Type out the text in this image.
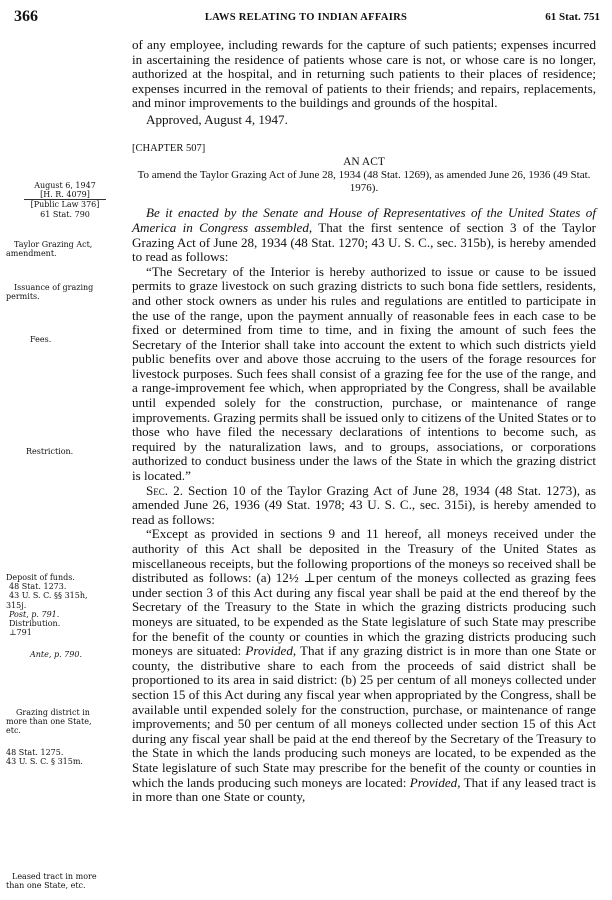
366	LAWS RELATING TO INDIAN AFFAIRS	61 Stat. 751
August 6, 1947
[H. R. 4079]
[Public Law 376]
61 Stat. 790
Taylor Grazing Act,
amendment.
Issuance of grazing
permits.
Fees.
Restriction.
Deposit of funds.
48 Stat. 1273.
43 U. S. C. §§ 315h,
315j.
Post, p. 791.
Distribution.
⊥791
Ante, p. 790.
Grazing district in
more than one State,
etc.
48 Stat. 1275.
43 U. S. C. § 315m.
Leased tract in more
than one State, etc.

of any employee, including rewards for the capture of such patients; expenses incurred in ascertaining the residence of patients whose care is not, or whose care is no longer, authorized at the hospital, and in returning such patients to their places of residence; expenses incurred in the removal of patients to their friends; and repairs, replacements, and minor improvements to the buildings and grounds of the hospital.

Approved, August 4, 1947.

[CHAPTER 507]

AN ACT

To amend the Taylor Grazing Act of June 28, 1934 (48 Stat. 1269), as amended June 26, 1936 (49 Stat. 1976).

Be it enacted by the Senate and House of Representatives of the United States of America in Congress assembled, That the first sentence of section 3 of the Taylor Grazing Act of June 28, 1934 (48 Stat. 1270; 43 U. S. C., sec. 315b), is hereby amended to read as follows:

“The Secretary of the Interior is hereby authorized to issue or cause to be issued permits to graze livestock on such grazing districts to such bona fide settlers, residents, and other stock owners as under his rules and regulations are entitled to participate in the use of the range, upon the payment annually of reasonable fees in each case to be fixed or determined from time to time, and in fixing the amount of such fees the Secretary of the Interior shall take into account the extent to which such districts yield public benefits over and above those accruing to the users of the forage resources for livestock purposes. Such fees shall consist of a grazing fee for the use of the range, and a range-improvement fee which, when appropriated by the Congress, shall be available until expended solely for the construction, purchase, or maintenance of range improvements. Grazing permits shall be issued only to citizens of the United States or to those who have filed the necessary declarations of intentions to become such, as required by the naturalization laws, and to groups, associations, or corporations authorized to conduct business under the laws of the State in which the grazing district is located.”

Sec. 2. Section 10 of the Taylor Grazing Act of June 28, 1934 (48 Stat. 1273), as amended June 26, 1936 (49 Stat. 1978; 43 U. S. C., sec. 315i), is hereby amended to read as follows:

“Except as provided in sections 9 and 11 hereof, all moneys received under the authority of this Act shall be deposited in the Treasury of the United States as miscellaneous receipts, but the following proportions of the moneys so received shall be distributed as follows: (a) 12½ ⊥per centum of the moneys collected as grazing fees under section 3 of this Act during any fiscal year shall be paid at the end thereof by the Secretary of the Treasury to the State in which the grazing districts producing such moneys are situated, to be expended as the State legislature of such State may prescribe for the benefit of the county or counties in which the grazing districts producing such moneys are situated: Provided, That if any grazing district is in more than one State or county, the distributive share to each from the proceeds of said district shall be proportioned to its area in said district: (b) 25 per centum of all moneys collected under section 15 of this Act during any fiscal year when appropriated by the Congress, shall be available until expended solely for the construction, purchase, or maintenance of range improvements; and 50 per centum of all moneys collected under section 15 of this Act during any fiscal year shall be paid at the end thereof by the Secretary of the Treasury to the State in which the lands producing such moneys are located, to be expended as the State legislature of such State may prescribe for the benefit of the county or counties in which the lands producing such moneys are located: Provided, That if any leased tract is in more than one State or county,
